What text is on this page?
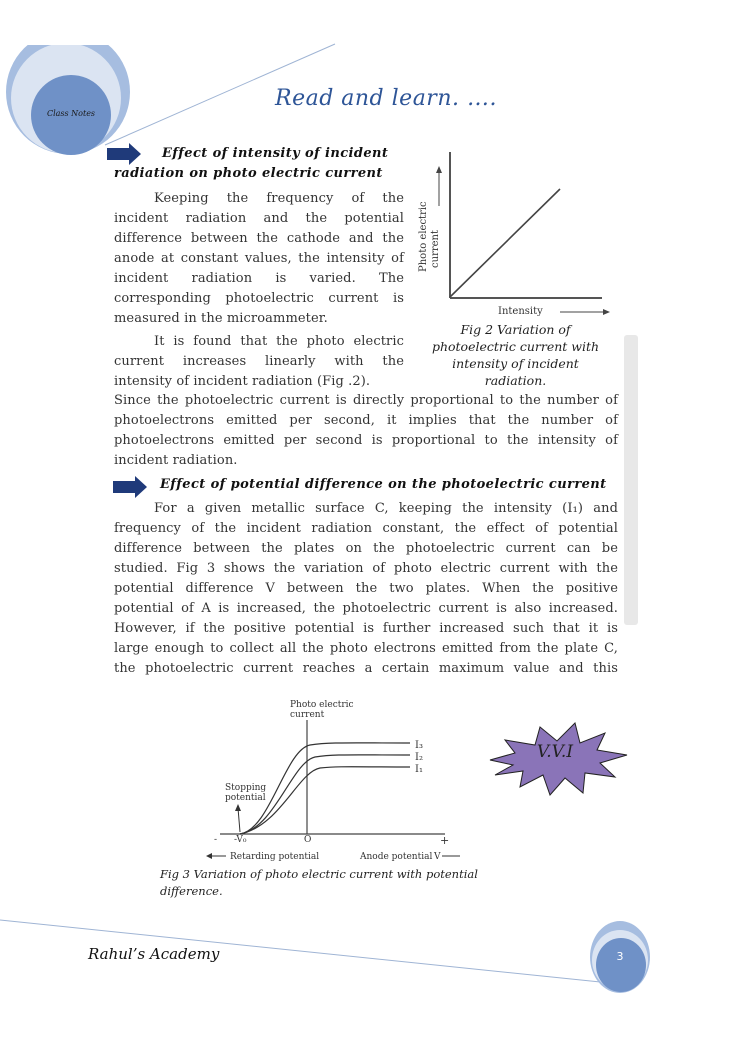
Class Notes
Read and learn. ….
Effect of intensity of incident
radiation on photo electric current
Keeping the frequency of the
incident radiation and the potential
difference between the cathode and the
anode at constant values, the intensity of
incident radiation is varied. The
corresponding photoelectric current is
measured in the microammeter.
It is found that the photo electric
current increases linearly with the
intensity of incident radiation (Fig .2).
Since the photoelectric current is directly proportional to the number of
photoelectrons emitted per second, it implies that the number of
photoelectrons emitted per second is proportional to the intensity of
incident radiation.
Photo electric current
Intensity
Fig 2 Variation of
photoelectric current with
intensity of incident
radiation.
Effect of potential difference on the photoelectric current
For a given metallic surface C, keeping the intensity (I₁) and
frequency of the incident radiation constant, the effect of potential
difference between the plates on the photoelectric current can be
studied. Fig 3 shows the variation of photo electric current with the
potential difference V between the two plates. When the positive
potential of A is increased, the photoelectric current is also increased.
However, if the positive potential is further increased such that it is
large enough to collect all the photo electrons emitted from the plate C,
the photoelectric current reaches a certain maximum value and this
Photo electric
current
I₃
I₂
I₁
Stopping
potential
- -V₀	O	+
Retarding potential	Anode potential V
Fig 3 Variation of photo electric current with potential difference.
V.V.I
Rahul’s Academy	3
